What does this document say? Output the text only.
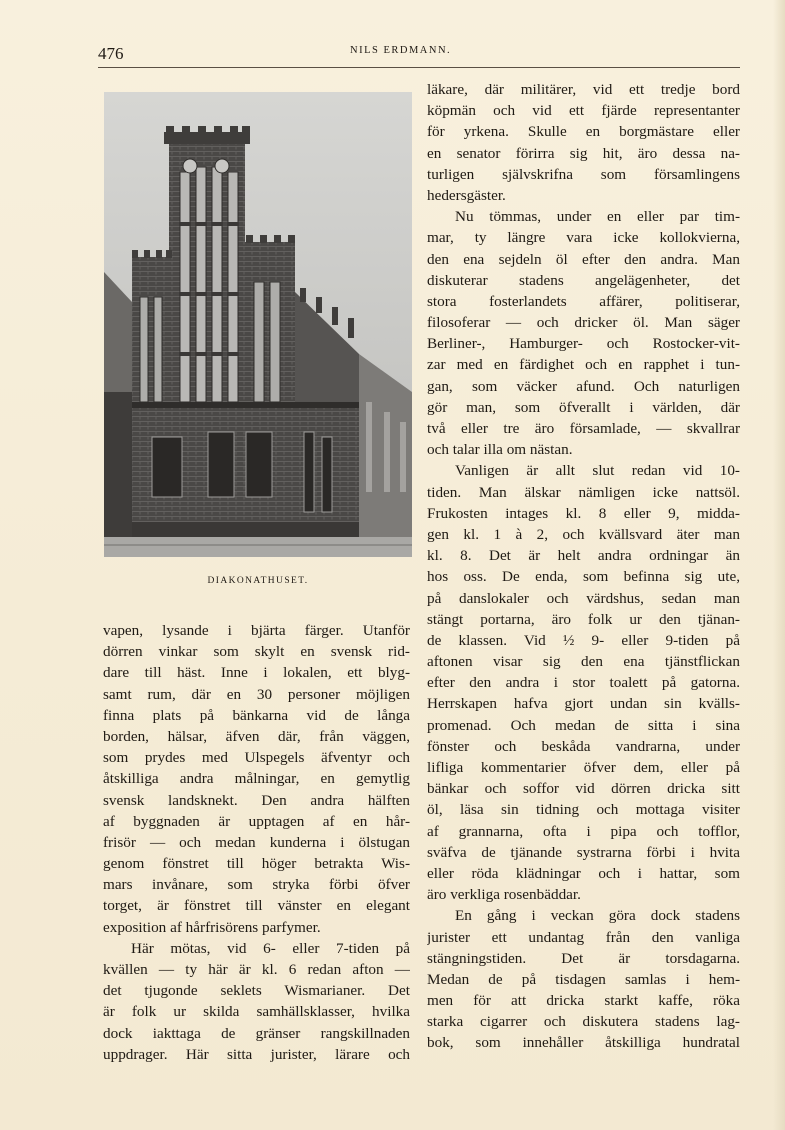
476	NILS ERDMANN.
DIAKONATHUSET.
läkare, där militärer, vid ett tredje bord
köpmän och vid ett fjärde representanter
för yrkena. Skulle en borgmästare eller
en senator förirra sig hit, äro dessa na-
turligen självskrifna som församlingens
hedersgäster.
Nu tömmas, under en eller par tim-
mar, ty längre vara icke kollokvierna,
den ena sejdeln öl efter den andra. Man
diskuterar stadens angelägenheter, det
stora fosterlandets affärer, politiserar,
filosoferar — och dricker öl. Man säger
Berliner-, Hamburger- och Rostocker-vit-
zar med en färdighet och en rapphet i tun-
gan, som väcker afund. Och naturligen
gör man, som öfverallt i världen, där
två eller tre äro församlade, — skvallrar
och talar illa om nästan.
Vanligen är allt slut redan vid 10-
tiden. Man älskar nämligen icke nattsöl.
Frukosten intages kl. 8 eller 9, midda-
gen kl. 1 à 2, och kvällsvard äter man
kl. 8. Det är helt andra ordningar än
hos oss. De enda, som befinna sig ute,
på danslokaler och värdshus, sedan man
stängt portarna, äro folk ur den tjänan-
de klassen. Vid ½ 9- eller 9-tiden på
aftonen visar sig den ena tjänstflickan
efter den andra i stor toalett på gatorna.
Herrskapen hafva gjort undan sin kvälls-
promenad. Och medan de sitta i sina
fönster och beskåda vandrarna, under
lifliga kommentarier öfver dem, eller på
bänkar och soffor vid dörren dricka sitt
öl, läsa sin tidning och mottaga visiter
af grannarna, ofta i pipa och tofflor,
sväfva de tjänande systrarna förbi i hvita
eller röda klädningar och i hattar, som
äro verkliga rosenbäddar.
En gång i veckan göra dock stadens
jurister ett undantag från den vanliga
stängningstiden. Det är torsdagarna.
Medan de på tisdagen samlas i hem-
men för att dricka starkt kaffe, röka
starka cigarrer och diskutera stadens lag-
bok, som innehåller åtskilliga hundratal
vapen, lysande i bjärta färger. Utanför
dörren vinkar som skylt en svensk rid-
dare till häst. Inne i lokalen, ett blyg-
samt rum, där en 30 personer möjligen
finna plats på bänkarna vid de långa
borden, hälsar, äfven där, från väggen,
som prydes med Ulspegels äfventyr och
åtskilliga andra målningar, en gemytlig
svensk landsknekt. Den andra hälften
af byggnaden är upptagen af en hår-
frisör — och medan kunderna i ölstugan
genom fönstret till höger betrakta Wis-
mars invånare, som stryka förbi öfver
torget, är fönstret till vänster en elegant
exposition af hårfrisörens parfymer.
Här mötas, vid 6- eller 7-tiden på
kvällen — ty här är kl. 6 redan afton —
det tjugonde seklets Wismarianer. Det
är folk ur skilda samhällsklasser, hvilka
dock iakttaga de gränser rangskillnaden
uppdrager. Här sitta jurister, lärare och
